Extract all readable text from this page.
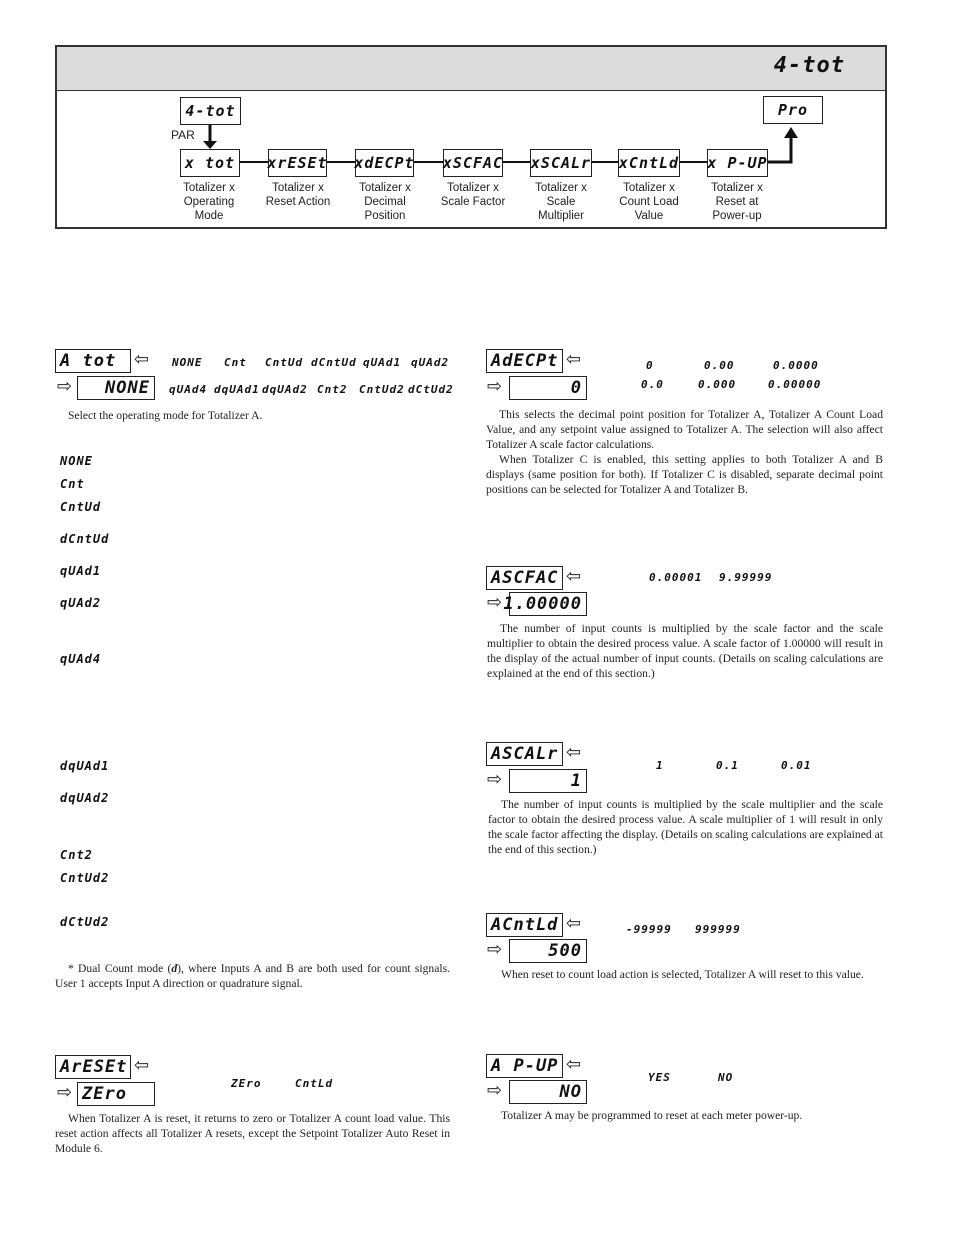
4-tot
4-tot
PAR
Pro
x tot	xrESEt xdECPt xSCFAC xSCALr xCntLd x P-UP
Totalizer x
Operating
Mode
Totalizer x
Reset Action
Totalizer x
Decimal
Position
Totalizer x
Scale Factor
Totalizer x
Scale
Multiplier
Totalizer x
Count Load
Value
Totalizer x
Reset at
Power-up
A tot ⇦
⇨	NONE
NONE Cnt CntUd dCntUd qUAd1 qUAd2
qUAd4 dqUAd1 dqUAd2 Cnt2 CntUd2 dCtUd2
Select the operating mode for Totalizer A.
NONE
Cnt
CntUd
dCntUd
qUAd1
qUAd2
qUAd4
dqUAd1
dqUAd2
Cnt2
CntUd2
dCtUd2
* Dual Count mode (d), where Inputs A and B are both used for count signals. User 1 accepts Input A direction or quadrature signal.
ArESEt ⇦
⇨ ZEro
ZEro	CntLd
When Totalizer A is reset, it returns to zero or Totalizer A count load value. This reset action affects all Totalizer A resets, except the Setpoint Totalizer Auto Reset in Module 6.
AdECPt ⇦
⇨	0
0	0.00	0.0000
0.0	0.000	0.00000
This selects the decimal point position for Totalizer A, Totalizer A Count Load Value, and any setpoint value assigned to Totalizer A. The selection will also affect Totalizer A scale factor calculations.
When Totalizer C is enabled, this setting applies to both Totalizer A and B displays (same position for both). If Totalizer C is disabled, separate decimal point positions can be selected for Totalizer A and Totalizer B.
ASCFAC ⇦
⇨ 1.00000
0.00001 9.99999
The number of input counts is multiplied by the scale factor and the scale multiplier to obtain the desired process value. A scale factor of 1.00000 will result in the display of the actual number of input counts. (Details on scaling calculations are explained at the end of this section.)
ASCALr ⇦
⇨	1
1	0.1	0.01
The number of input counts is multiplied by the scale multiplier and the scale factor to obtain the desired process value. A scale multiplier of 1 will result in only the scale factor affecting the display. (Details on scaling calculations are explained at the end of this section.)
ACntLd ⇦
⇨	500
-99999 999999
When reset to count load action is selected, Totalizer A will reset to this value.
A P-UP ⇦
⇨	NO
YES	NO
Totalizer A may be programmed to reset at each meter power-up.
